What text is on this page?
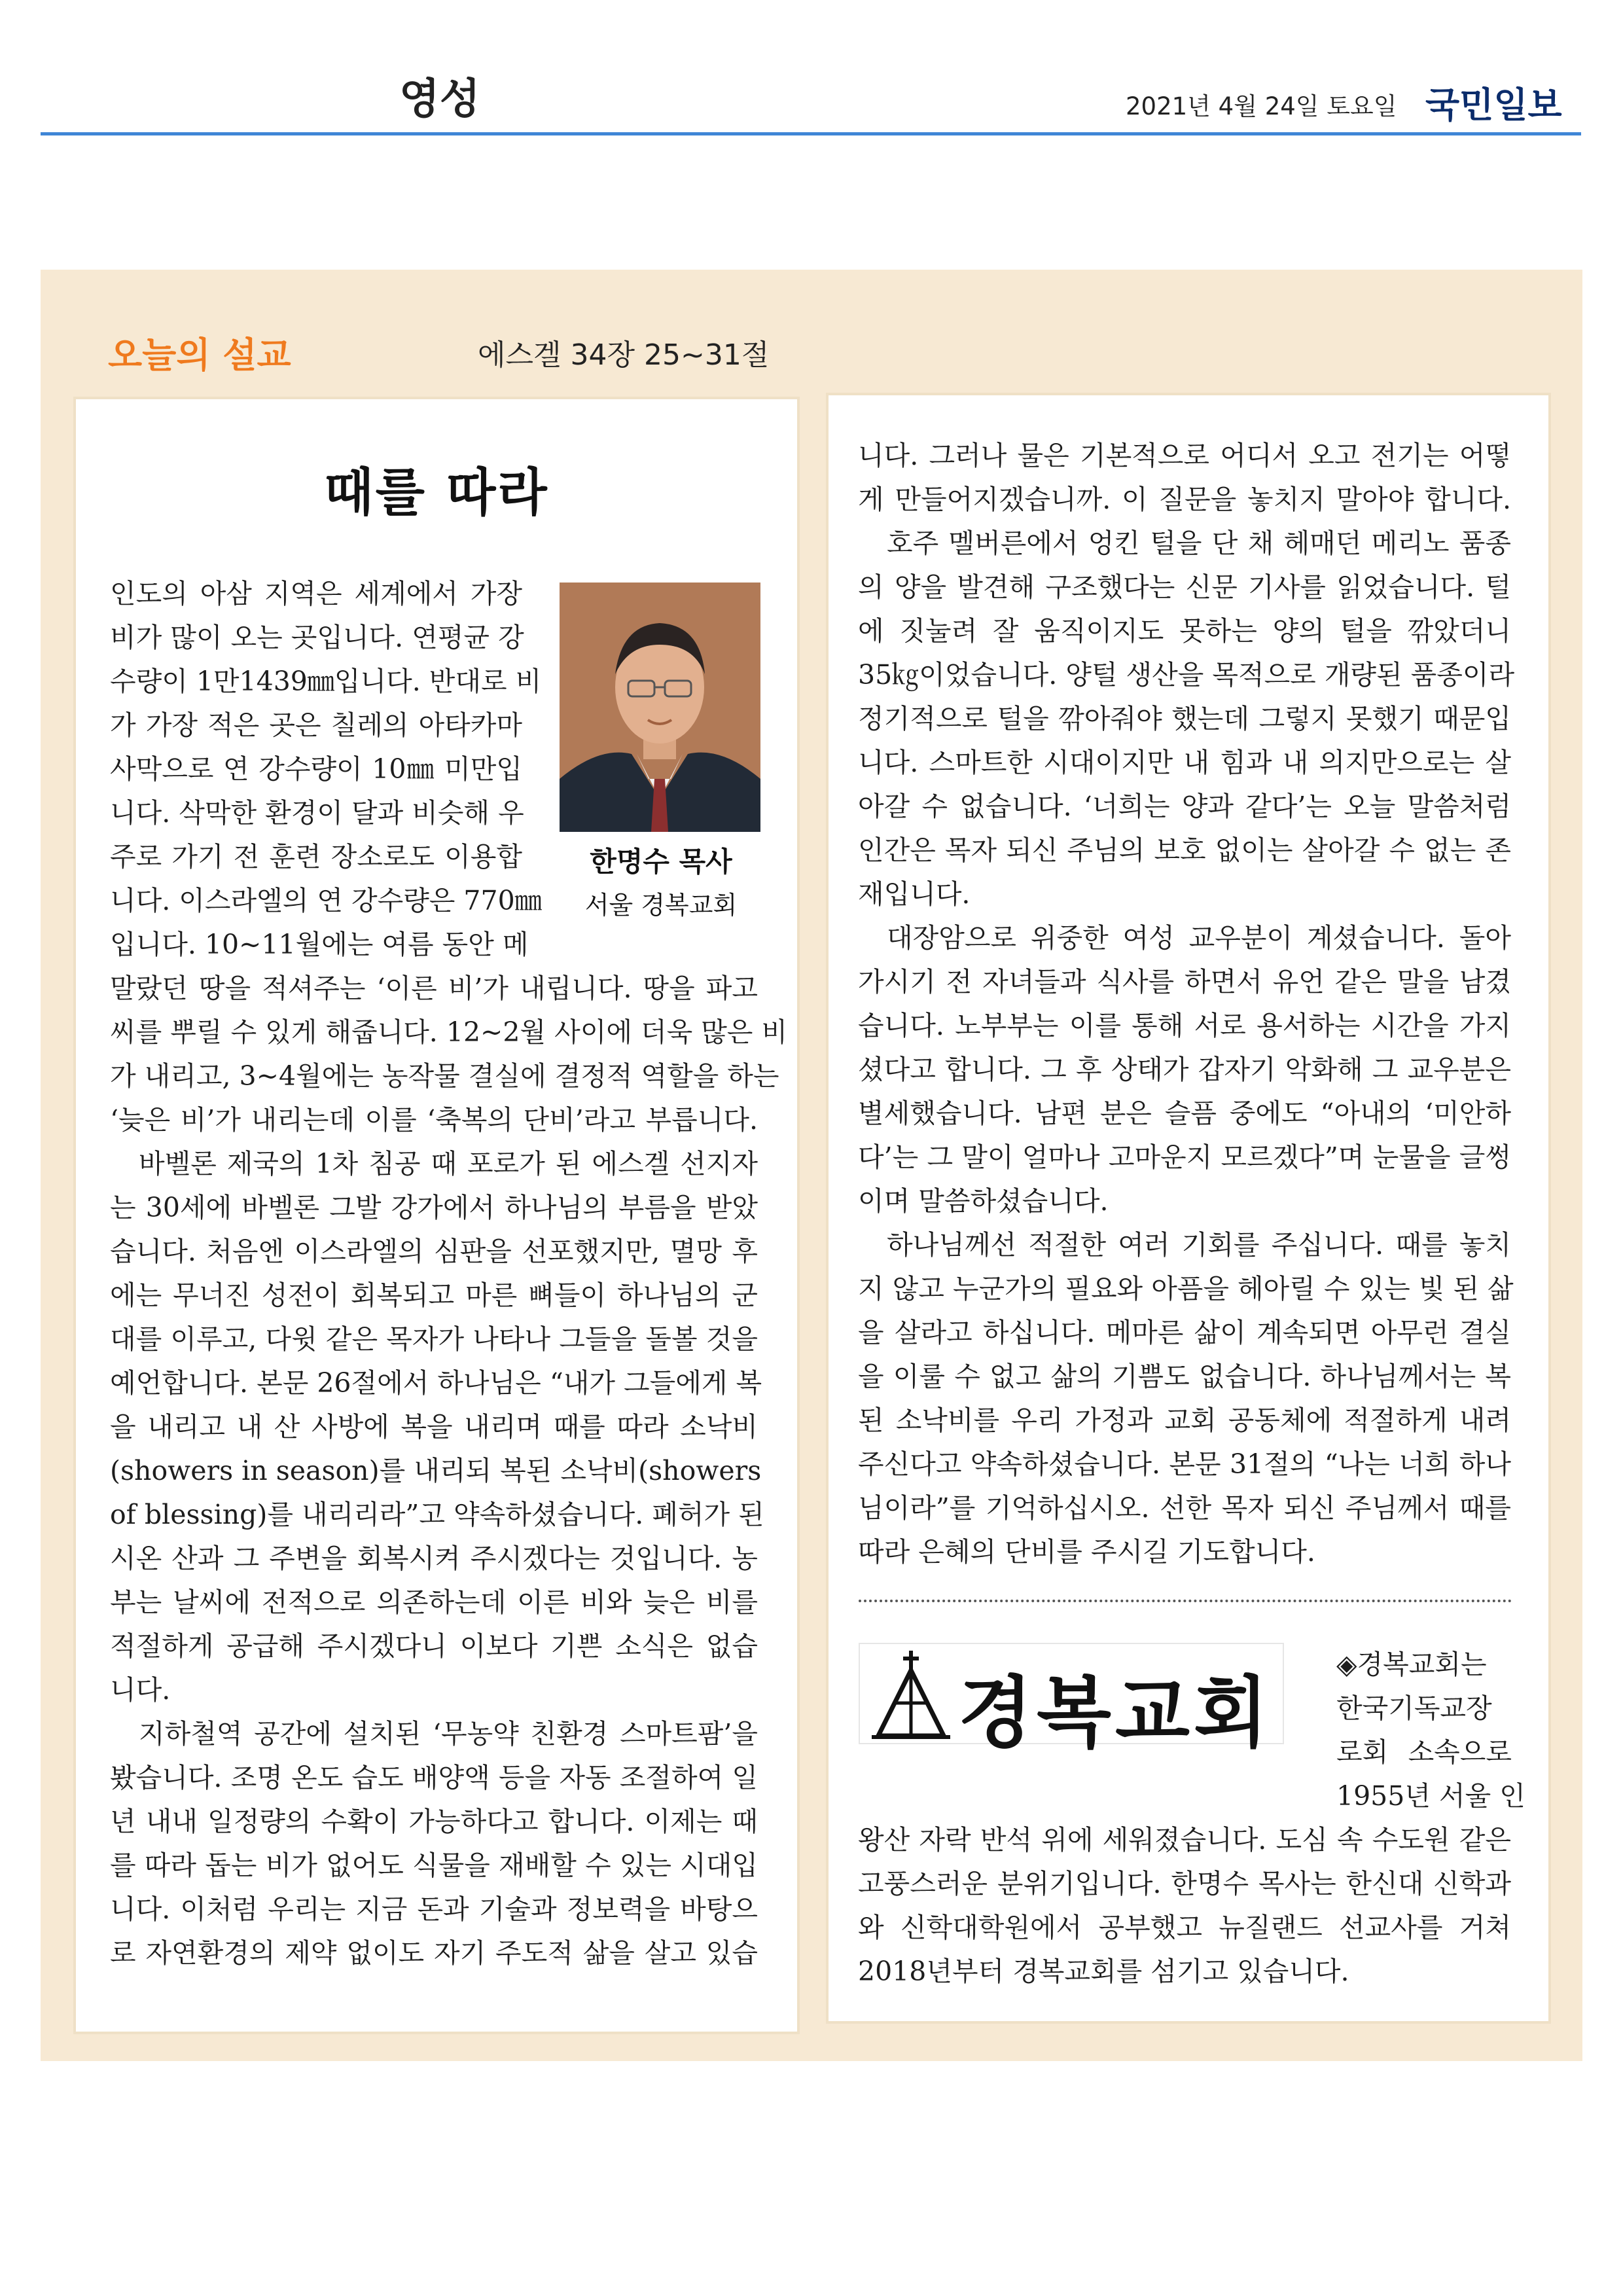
영성	2021년 4월 24일 토요일 국민일보
오늘의 설교	에스겔 34장 25~31절
때를 따라
한명수 목사
서울 경복교회
인도의 아삼 지역은 세계에서 가장
비가 많이 오는 곳입니다. 연평균 강
수량이 1만1439㎜입니다. 반대로 비
가 가장 적은 곳은 칠레의 아타카마
사막으로 연 강수량이 10㎜ 미만입
니다. 삭막한 환경이 달과 비슷해 우
주로 가기 전 훈련 장소로도 이용합
니다. 이스라엘의 연 강수량은 770㎜
입니다. 10~11월에는 여름 동안 메
말랐던 땅을 적셔주는 ‘이른 비’가 내립니다. 땅을 파고
씨를 뿌릴 수 있게 해줍니다. 12~2월 사이에 더욱 많은 비
가 내리고, 3~4월에는 농작물 결실에 결정적 역할을 하는
‘늦은 비’가 내리는데 이를 ‘축복의 단비’라고 부릅니다.
바벨론 제국의 1차 침공 때 포로가 된 에스겔 선지자
는 30세에 바벨론 그발 강가에서 하나님의 부름을 받았
습니다. 처음엔 이스라엘의 심판을 선포했지만, 멸망 후
에는 무너진 성전이 회복되고 마른 뼈들이 하나님의 군
대를 이루고, 다윗 같은 목자가 나타나 그들을 돌볼 것을
예언합니다. 본문 26절에서 하나님은 “내가 그들에게 복
을 내리고 내 산 사방에 복을 내리며 때를 따라 소낙비
(showers in season)를 내리되 복된 소낙비(showers
of blessing)를 내리리라”고 약속하셨습니다. 폐허가 된
시온 산과 그 주변을 회복시켜 주시겠다는 것입니다. 농
부는 날씨에 전적으로 의존하는데 이른 비와 늦은 비를
적절하게 공급해 주시겠다니 이보다 기쁜 소식은 없습
니다.
지하철역 공간에 설치된 ‘무농약 친환경 스마트팜’을
봤습니다. 조명 온도 습도 배양액 등을 자동 조절하여 일
년 내내 일정량의 수확이 가능하다고 합니다. 이제는 때
를 따라 돕는 비가 없어도 식물을 재배할 수 있는 시대입
니다. 이처럼 우리는 지금 돈과 기술과 정보력을 바탕으
로 자연환경의 제약 없이도 자기 주도적 삶을 살고 있습
니다. 그러나 물은 기본적으로 어디서 오고 전기는 어떻
게 만들어지겠습니까. 이 질문을 놓치지 말아야 합니다.
호주 멜버른에서 엉킨 털을 단 채 헤매던 메리노 품종
의 양을 발견해 구조했다는 신문 기사를 읽었습니다. 털
에 짓눌려 잘 움직이지도 못하는 양의 털을 깎았더니
35㎏이었습니다. 양털 생산을 목적으로 개량된 품종이라
정기적으로 털을 깎아줘야 했는데 그렇지 못했기 때문입
니다. 스마트한 시대이지만 내 힘과 내 의지만으로는 살
아갈 수 없습니다. ‘너희는 양과 같다’는 오늘 말씀처럼
인간은 목자 되신 주님의 보호 없이는 살아갈 수 없는 존
재입니다.
대장암으로 위중한 여성 교우분이 계셨습니다. 돌아
가시기 전 자녀들과 식사를 하면서 유언 같은 말을 남겼
습니다. 노부부는 이를 통해 서로 용서하는 시간을 가지
셨다고 합니다. 그 후 상태가 갑자기 악화해 그 교우분은
별세했습니다. 남편 분은 슬픔 중에도 “아내의 ‘미안하
다’는 그 말이 얼마나 고마운지 모르겠다”며 눈물을 글썽
이며 말씀하셨습니다.
하나님께선 적절한 여러 기회를 주십니다. 때를 놓치
지 않고 누군가의 필요와 아픔을 헤아릴 수 있는 빛 된 삶
을 살라고 하십니다. 메마른 삶이 계속되면 아무런 결실
을 이룰 수 없고 삶의 기쁨도 없습니다. 하나님께서는 복
된 소낙비를 우리 가정과 교회 공동체에 적절하게 내려
주신다고 약속하셨습니다. 본문 31절의 “나는 너희 하나
님이라”를 기억하십시오. 선한 목자 되신 주님께서 때를
따라 은혜의 단비를 주시길 기도합니다.
경복교회
◈경복교회는
한국기독교장
로회 소속으로
1955년 서울 인
왕산 자락 반석 위에 세워졌습니다. 도심 속 수도원 같은
고풍스러운 분위기입니다. 한명수 목사는 한신대 신학과
와 신학대학원에서 공부했고 뉴질랜드 선교사를 거쳐
2018년부터 경복교회를 섬기고 있습니다.
